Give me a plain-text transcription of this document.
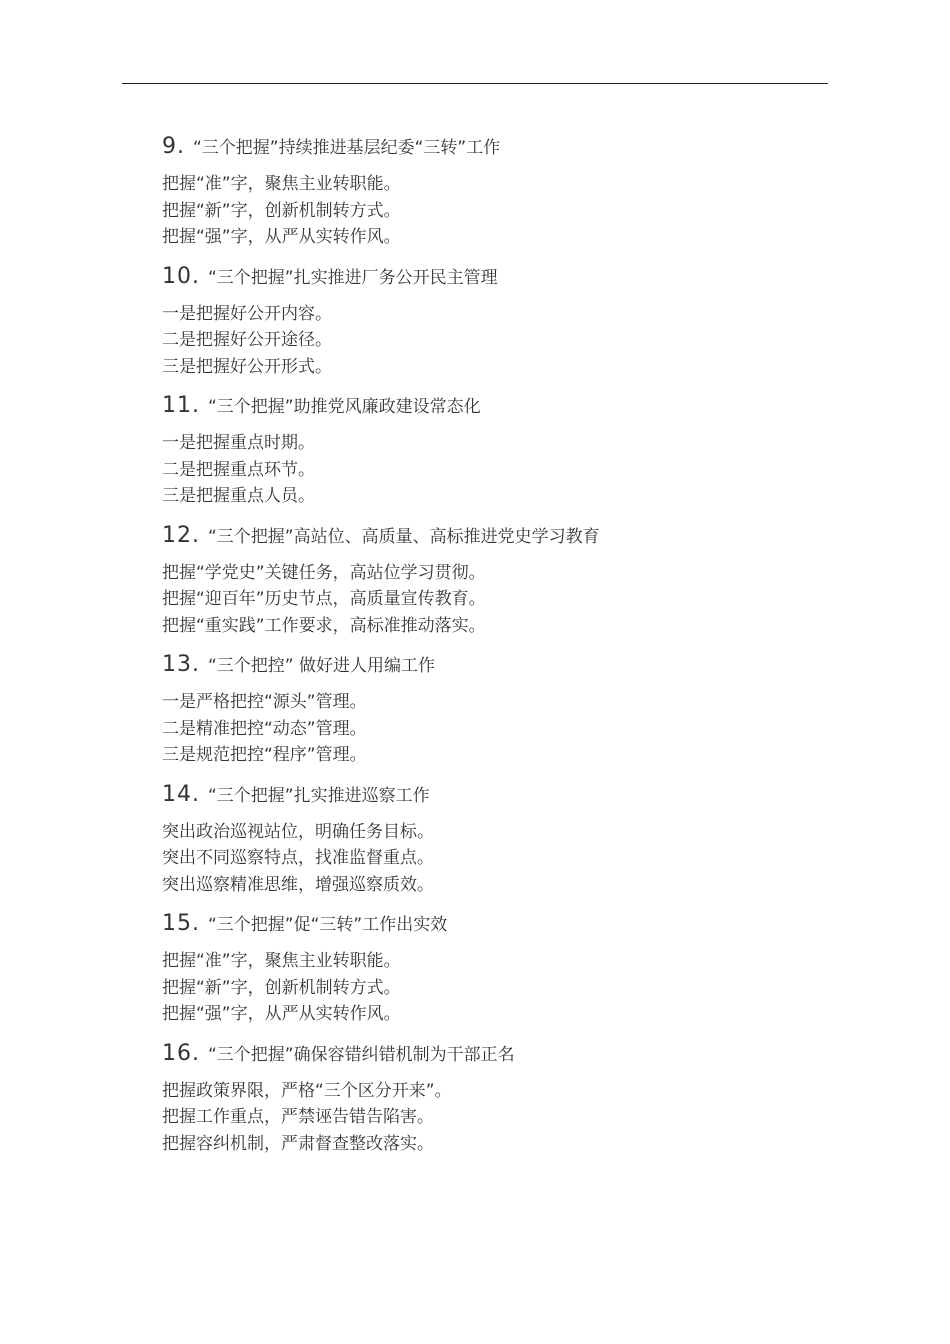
9. “三个把握”持续推进基层纪委“三转”工作
把握“准”字，聚焦主业转职能。
把握“新”字，创新机制转方式。
把握“强”字，从严从实转作风。
10. “三个把握”扎实推进厂务公开民主管理
一是把握好公开内容。
二是把握好公开途径。
三是把握好公开形式。
11. “三个把握”助推党风廉政建设常态化
一是把握重点时期。
二是把握重点环节。
三是把握重点人员。
12. “三个把握”高站位、高质量、高标推进党史学习教育
把握“学党史”关键任务，高站位学习贯彻。
把握“迎百年”历史节点，高质量宣传教育。
把握“重实践”工作要求，高标准推动落实。
13. “三个把控” 做好进人用编工作
一是严格把控“源头”管理。
二是精准把控“动态”管理。
三是规范把控“程序”管理。
14. “三个把握”扎实推进巡察工作
突出政治巡视站位，明确任务目标。
突出不同巡察特点，找准监督重点。
突出巡察精准思维，增强巡察质效。
15. “三个把握”促“三转”工作出实效
把握“准”字，聚焦主业转职能。
把握“新”字，创新机制转方式。
把握“强”字，从严从实转作风。
16. “三个把握”确保容错纠错机制为干部正名
把握政策界限，严格“三个区分开来”。
把握工作重点，严禁诬告错告陷害。
把握容纠机制，严肃督查整改落实。
